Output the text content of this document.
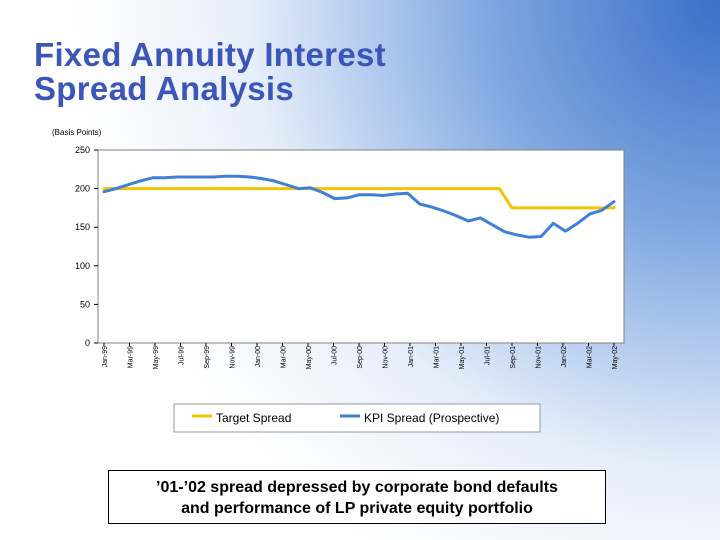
Fixed Annuity Interest
Spread Analysis
(Basis Points)
0
50
100
150
200
250
Jan-99	Mar-99	May-99	Jul-99	Sep-99	Nov-99	Jan-00	Mar-00	May-00	Jul-00	Sep-00	Nov-00	Jan-01	Mar-01	May-01	Jul-01	Sep-01	Nov-01	Jan-02	Mar-02	May-02
Target Spread	KPI Spread (Prospective)
’01-’02 spread depressed by corporate bond defaults
and performance of LP private equity portfolio
